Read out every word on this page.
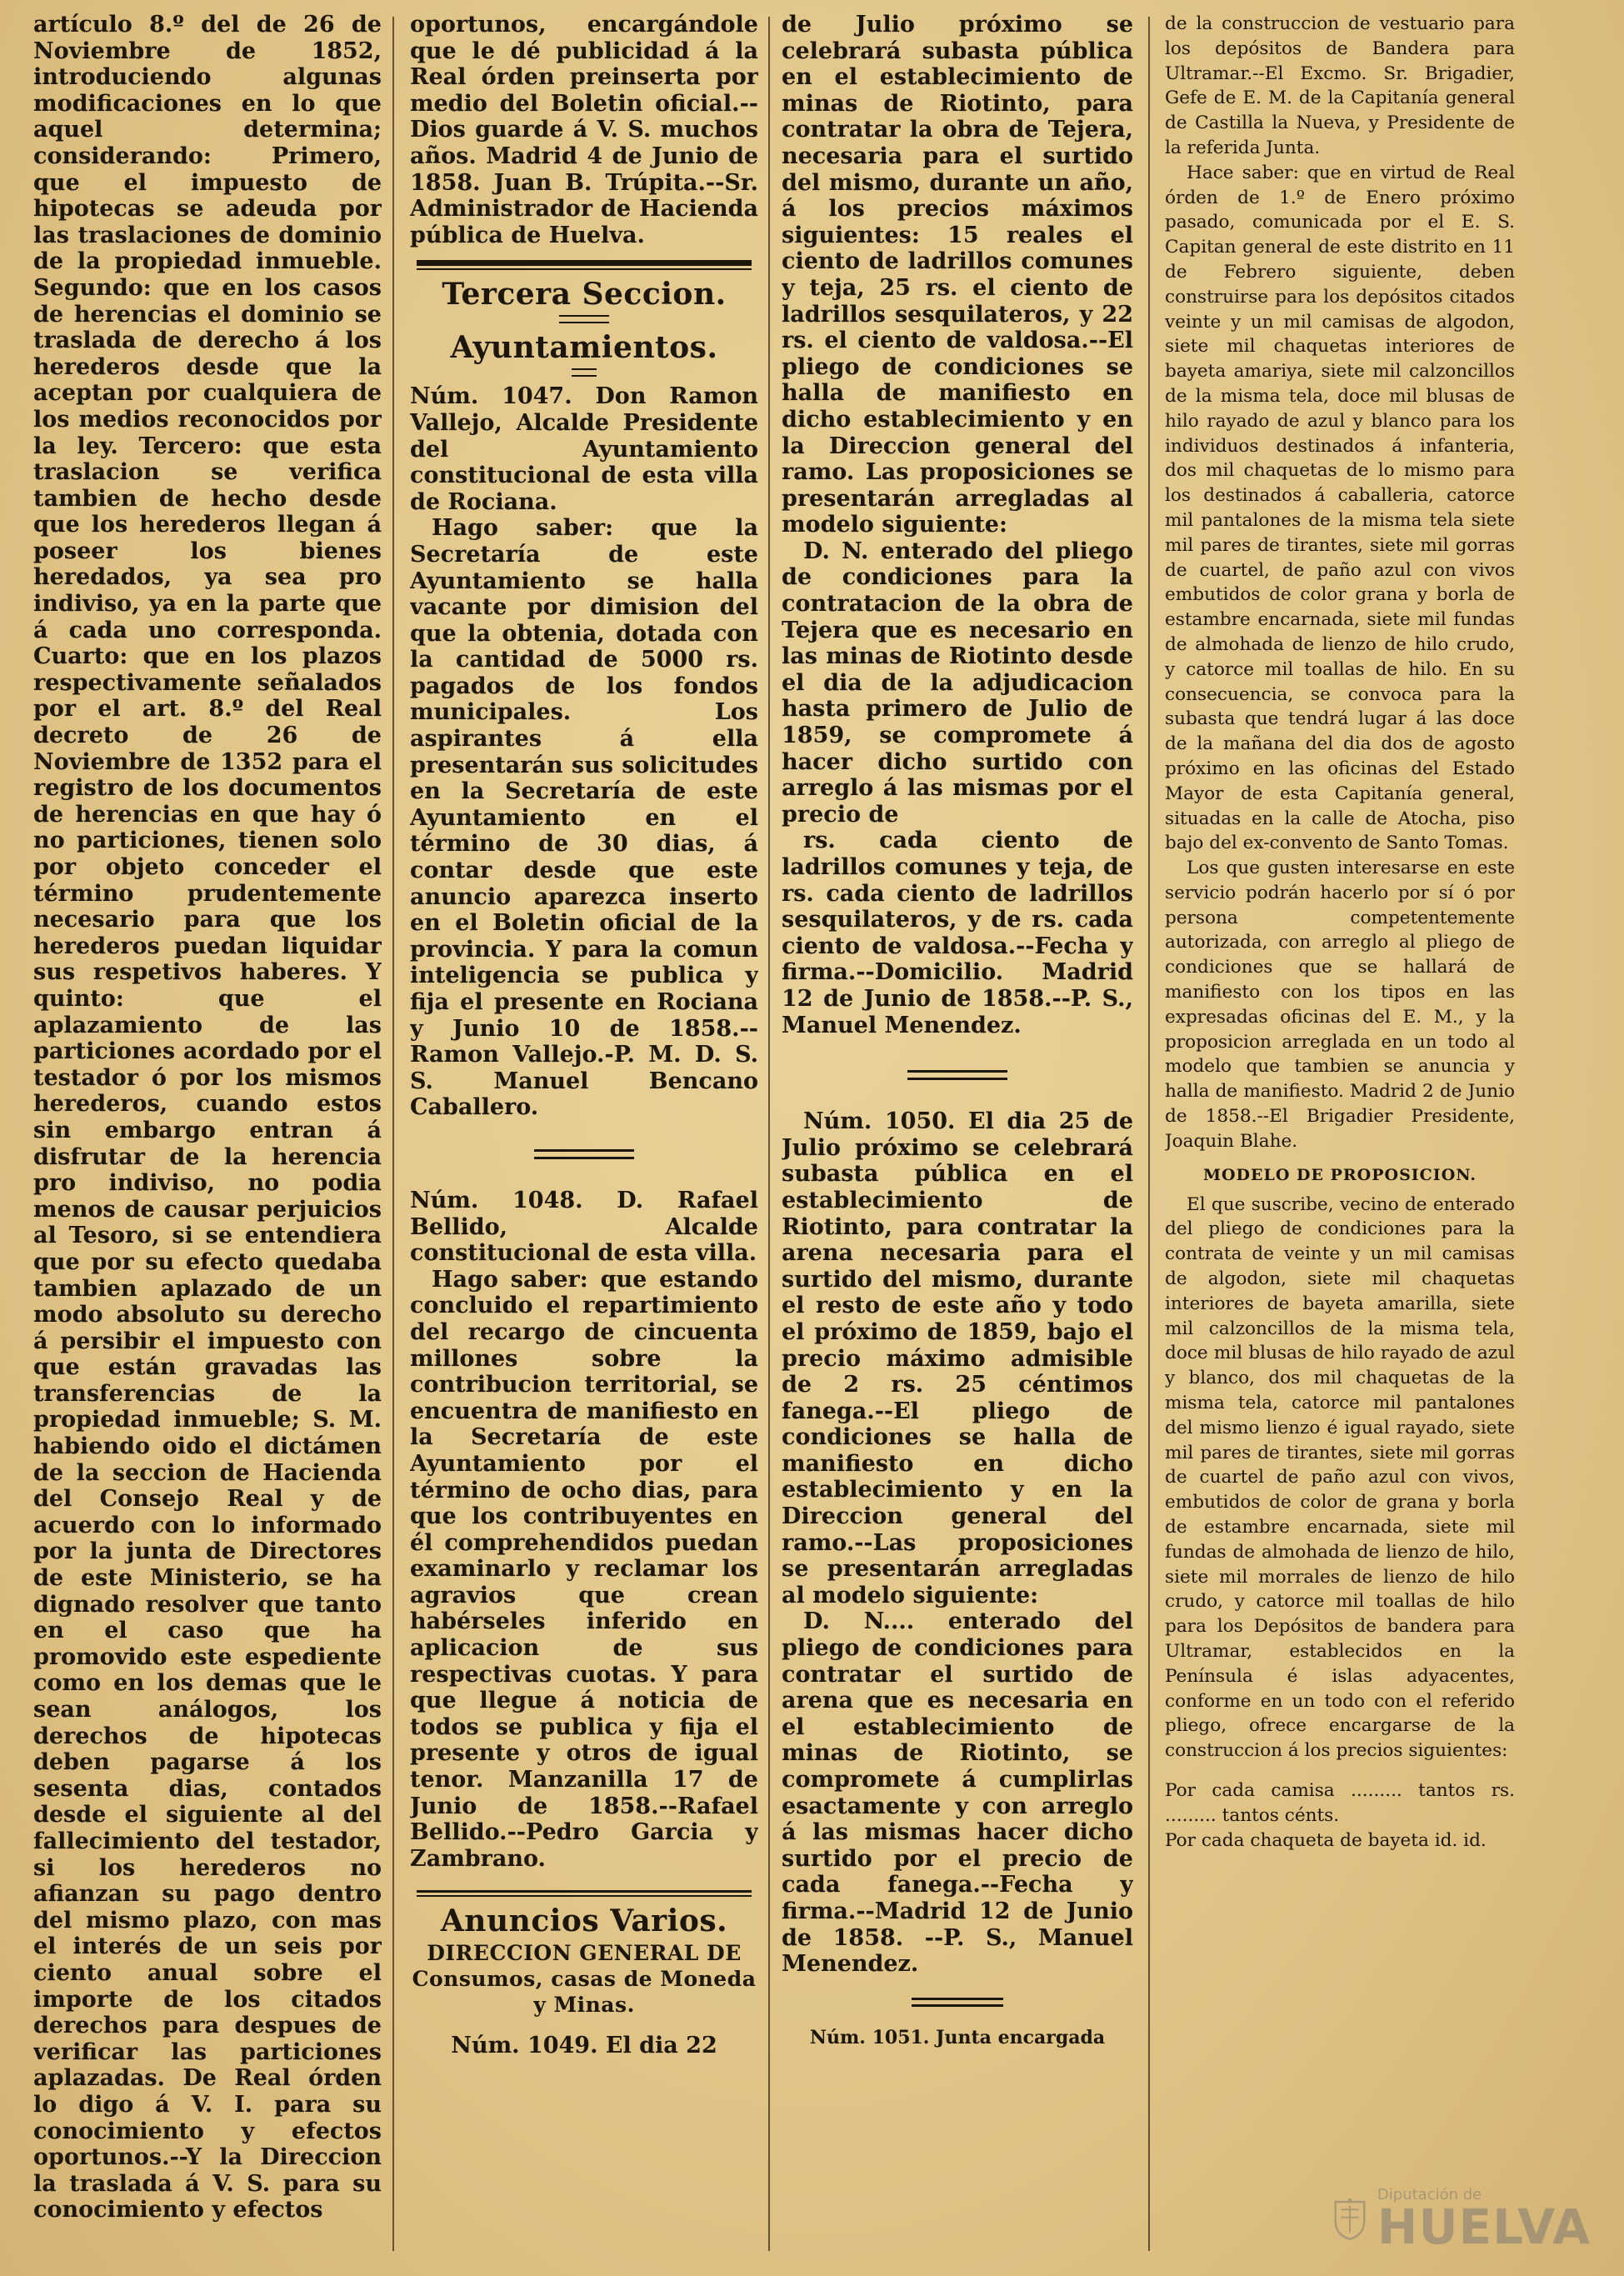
artículo 8.º del de 26 de Noviembre de 1852, introduciendo algunas modificaciones en lo que aquel determina; considerando: Primero, que el impuesto de hipotecas se adeuda por las traslaciones de dominio de la propiedad inmueble. Segundo: que en los casos de herencias el dominio se traslada de derecho á los herederos desde que la aceptan por cualquiera de los medios reconocidos por la ley. Tercero: que esta traslacion se verifica tambien de hecho desde que los herederos llegan á poseer los bienes heredados, ya sea pro indiviso, ya en la parte que á cada uno corresponda. Cuarto: que en los plazos respectivamente señalados por el art. 8.º del Real decreto de 26 de Noviembre de 1352 para el registro de los documentos de herencias en que hay ó no particiones, tienen solo por objeto conceder el término prudentemente necesario para que los herederos puedan liquidar sus respetivos haberes. Y quinto: que el aplazamiento de las particiones acordado por el testador ó por los mismos herederos, cuando estos sin embargo entran á disfrutar de la herencia pro indiviso, no podia menos de causar perjuicios al Tesoro, si se entendiera que por su efecto quedaba tambien aplazado de un modo absoluto su derecho á persibir el impuesto con que están gravadas las transferencias de la propiedad inmueble; S. M. habiendo oido el dictámen de la seccion de Hacienda del Consejo Real y de acuerdo con lo informado por la junta de Directores de este Ministerio, se ha dignado resolver que tanto en el caso que ha promovido este espediente como en los demas que le sean análogos, los derechos de hipotecas deben pagarse á los sesenta dias, contados desde el siguiente al del fallecimiento del testador, si los herederos no afianzan su pago dentro del mismo plazo, con mas el interés de un seis por ciento anual sobre el importe de los citados derechos para despues de verificar las particiones aplazadas. De Real órden lo digo á V. I. para su conocimiento y efectos oportunos.--Y la Direccion la traslada á V. S. para su conocimiento y efectos

oportunos, encargándole que le dé publicidad á la Real órden preinserta por medio del Boletin oficial.--Dios guarde á V. S. muchos años. Madrid 4 de Junio de 1858. Juan B. Trúpita.--Sr. Administrador de Hacienda pública de Huelva.

Tercera Seccion.
Ayuntamientos.

Núm. 1047. Don Ramon Vallejo, Alcalde Presidente del Ayuntamiento constitucional de esta villa de Rociana.

Hago saber: que la Secretaría de este Ayuntamiento se halla vacante por dimision del que la obtenia, dotada con la cantidad de 5000 rs. pagados de los fondos municipales. Los aspirantes á ella presentarán sus solicitudes en la Secretaría de este Ayuntamiento en el término de 30 dias, á contar desde que este anuncio aparezca inserto en el Boletin oficial de la provincia. Y para la comun inteligencia se publica y fija el presente en Rociana y Junio 10 de 1858.--Ramon Vallejo.-P. M. D. S. S. Manuel Bencano Caballero.

Núm. 1048. D. Rafael Bellido, Alcalde constitucional de esta villa.

Hago saber: que estando concluido el repartimiento del recargo de cincuenta millones sobre la contribucion territorial, se encuentra de manifiesto en la Secretaría de este Ayuntamiento por el término de ocho dias, para que los contribuyentes en él comprehendidos puedan examinarlo y reclamar los agravios que crean habérseles inferido en aplicacion de sus respectivas cuotas. Y para que llegue á noticia de todos se publica y fija el presente y otros de igual tenor. Manzanilla 17 de Junio de 1858.--Rafael Bellido.--Pedro Garcia y Zambrano.

Anuncios Varios.
DIRECCION GENERAL DE Consumos, casas de Moneda y Minas.

Núm. 1049. El dia 22

de Julio próximo se celebrará subasta pública en el establecimiento de minas de Riotinto, para contratar la obra de Tejera, necesaria para el surtido del mismo, durante un año, á los precios máximos siguientes: 15 reales el ciento de ladrillos comunes y teja, 25 rs. el ciento de ladrillos sesquilateros, y 22 rs. el ciento de valdosa.--El pliego de condiciones se halla de manifiesto en dicho establecimiento y en la Direccion general del ramo. Las proposiciones se presentarán arregladas al modelo siguiente:

D. N. enterado del pliego de condiciones para la contratacion de la obra de Tejera que es necesario en las minas de Riotinto desde el dia de la adjudicacion hasta primero de Julio de 1859, se compromete á hacer dicho surtido con arreglo á las mismas por el precio de

rs. cada ciento de ladrillos comunes y teja, de rs. cada ciento de ladrillos sesquilateros, y de rs. cada ciento de valdosa.--Fecha y firma.--Domicilio. Madrid 12 de Junio de 1858.--P. S., Manuel Menendez.

Núm. 1050. El dia 25 de Julio próximo se celebrará subasta pública en el establecimiento de Riotinto, para contratar la arena necesaria para el surtido del mismo, durante el resto de este año y todo el próximo de 1859, bajo el precio máximo admisible de 2 rs. 25 céntimos fanega.--El pliego de condiciones se halla de manifiesto en dicho establecimiento y en la Direccion general del ramo.--Las proposiciones se presentarán arregladas al modelo siguiente:

D. N.... enterado del pliego de condiciones para contratar el surtido de arena que es necesaria en el establecimiento de minas de Riotinto, se compromete á cumplirlas esactamente y con arreglo á las mismas hacer dicho surtido por el precio de cada fanega.--Fecha y firma.--Madrid 12 de Junio de 1858. --P. S., Manuel Menendez.

Núm. 1051. Junta encargada

de la construccion de vestuario para los depósitos de Bandera para Ultramar.--El Excmo. Sr. Brigadier, Gefe de E. M. de la Capitanía general de Castilla la Nueva, y Presidente de la referida Junta.

Hace saber: que en virtud de Real órden de 1.º de Enero próximo pasado, comunicada por el E. S. Capitan general de este distrito en 11 de Febrero siguiente, deben construirse para los depósitos citados veinte y un mil camisas de algodon, siete mil chaquetas interiores de bayeta amariya, siete mil calzoncillos de la misma tela, doce mil blusas de hilo rayado de azul y blanco para los individuos destinados á infanteria, dos mil chaquetas de lo mismo para los destinados á caballeria, catorce mil pantalones de la misma tela siete mil pares de tirantes, siete mil gorras de cuartel, de paño azul con vivos embutidos de color grana y borla de estambre encarnada, siete mil fundas de almohada de lienzo de hilo crudo, y catorce mil toallas de hilo. En su consecuencia, se convoca para la subasta que tendrá lugar á las doce de la mañana del dia dos de agosto próximo en las oficinas del Estado Mayor de esta Capitanía general, situadas en la calle de Atocha, piso bajo del ex-convento de Santo Tomas.

Los que gusten interesarse en este servicio podrán hacerlo por sí ó por persona competentemente autorizada, con arreglo al pliego de condiciones que se hallará de manifiesto con los tipos en las expresadas oficinas del E. M., y la proposicion arreglada en un todo al modelo que tambien se anuncia y halla de manifiesto. Madrid 2 de Junio de 1858.--El Brigadier Presidente, Joaquin Blahe.

MODELO DE PROPOSICION.

El que suscribe, vecino de enterado del pliego de condiciones para la contrata de veinte y un mil camisas de algodon, siete mil chaquetas interiores de bayeta amarilla, siete mil calzoncillos de la misma tela, doce mil blusas de hilo rayado de azul y blanco, dos mil chaquetas de la misma tela, catorce mil pantalones del mismo lienzo é igual rayado, siete mil pares de tirantes, siete mil gorras de cuartel de paño azul con vivos, embutidos de color de grana y borla de estambre encarnada, siete mil fundas de almohada de lienzo de hilo, siete mil morrales de lienzo de hilo crudo, y catorce mil toallas de hilo para los Depósitos de bandera para Ultramar, establecidos en la Península é islas adyacentes, conforme en un todo con el referido pliego, ofrece encargarse de la construccion á los precios siguientes:

Por cada camisa ......... tantos rs. ......... tantos cénts.

Por cada chaqueta de bayeta id. id.

Diputación de
HUELVA
